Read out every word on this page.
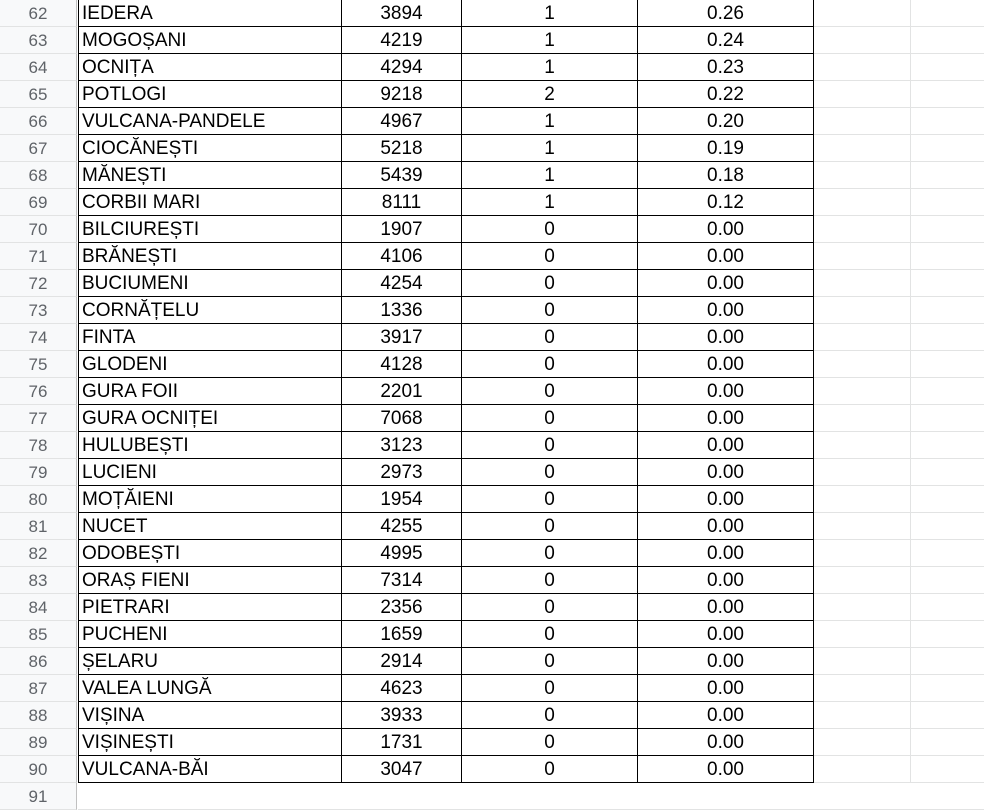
62	IEDERA	3894	1	0.26
63	MOGOȘANI	4219	1	0.24
64	OCNIȚA	4294	1	0.23
65	POTLOGI	9218	2	0.22
66	VULCANA-PANDELE	4967	1	0.20
67	CIOCĂNEȘTI	5218	1	0.19
68	MĂNEȘTI	5439	1	0.18
69	CORBII MARI	8111	1	0.12
70	BILCIUREȘTI	1907	0	0.00
71	BRĂNEȘTI	4106	0	0.00
72	BUCIUMENI	4254	0	0.00
73	CORNĂȚELU	1336	0	0.00
74	FINTA	3917	0	0.00
75	GLODENI	4128	0	0.00
76	GURA FOII	2201	0	0.00
77	GURA OCNIȚEI	7068	0	0.00
78	HULUBEȘTI	3123	0	0.00
79	LUCIENI	2973	0	0.00
80	MOȚĂIENI	1954	0	0.00
81	NUCET	4255	0	0.00
82	ODOBEȘTI	4995	0	0.00
83	ORAȘ FIENI	7314	0	0.00
84	PIETRARI	2356	0	0.00
85	PUCHENI	1659	0	0.00
86	ȘELARU	2914	0	0.00
87	VALEA LUNGĂ	4623	0	0.00
88	VIȘINA	3933	0	0.00
89	VIȘINEȘTI	1731	0	0.00
90	VULCANA-BĂI	3047	0	0.00
91
